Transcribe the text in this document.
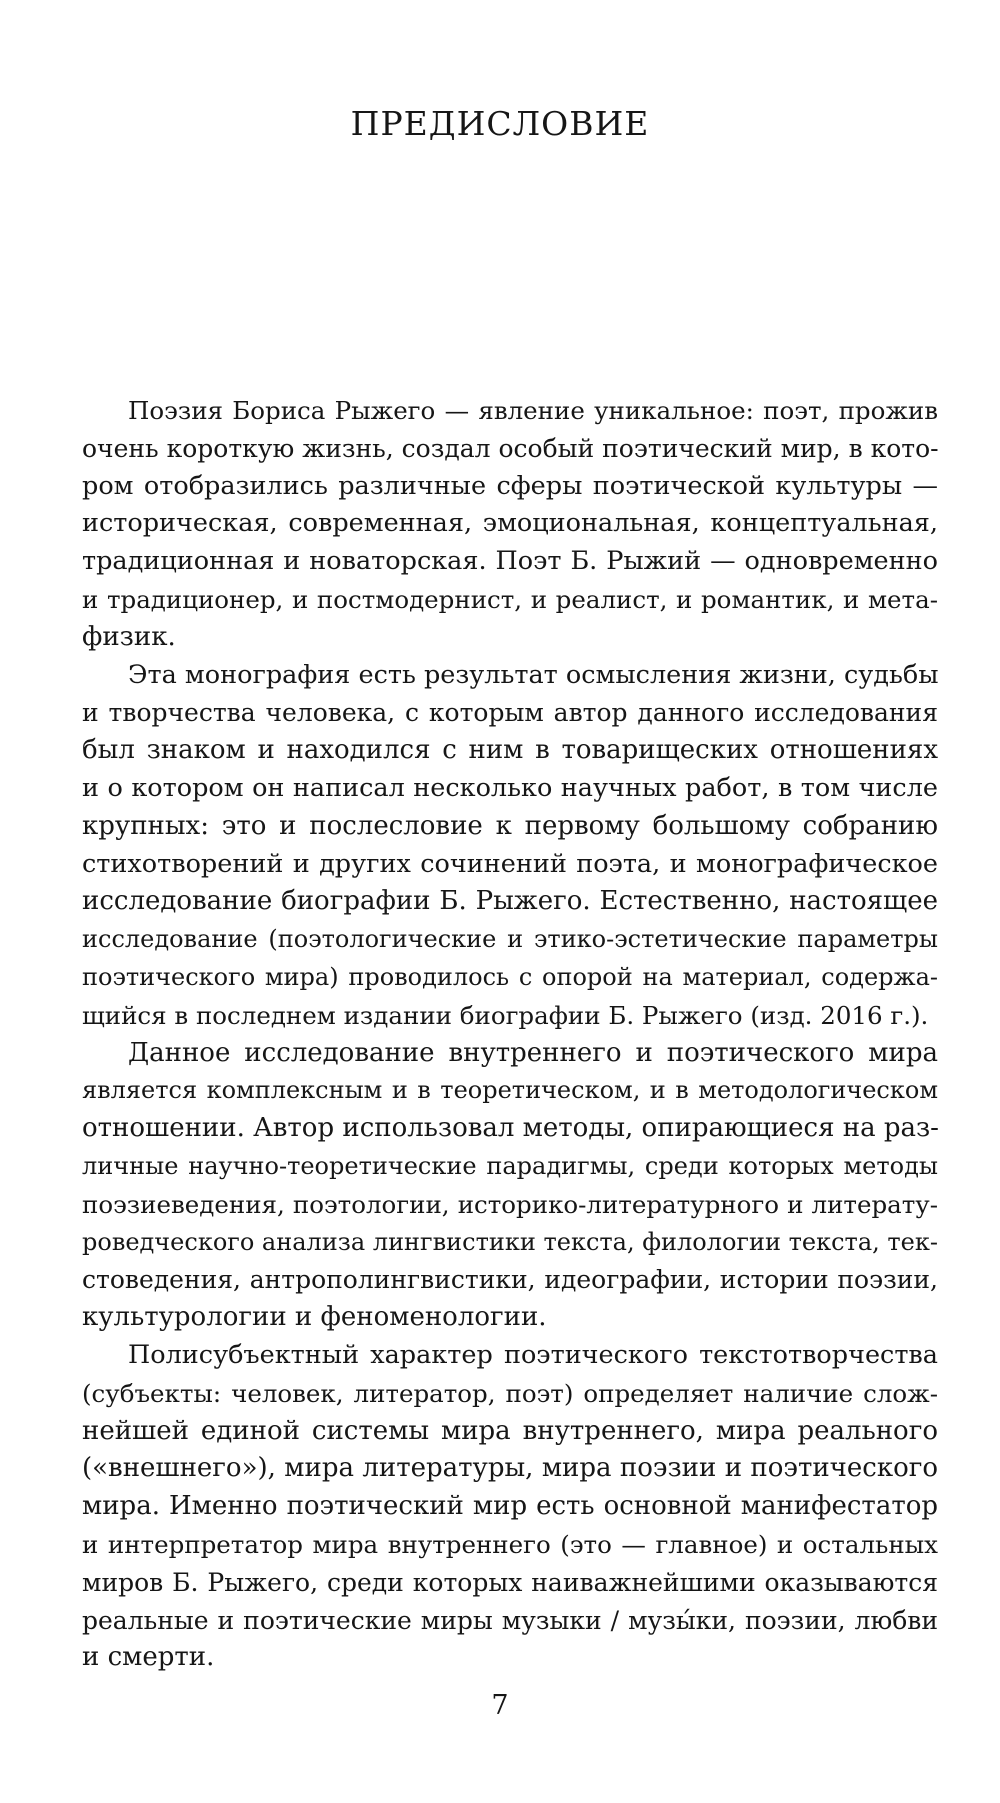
ПРЕДИСЛОВИЕ
Поэзия Бориса Рыжего — явление уникальное: поэт, прожив
очень короткую жизнь, создал особый поэтический мир, в кото-
ром отобразились различные сферы поэтической культуры —
историческая, современная, эмоциональная, концептуальная,
традиционная и новаторская. Поэт Б. Рыжий — одновременно
и традиционер, и постмодернист, и реалист, и романтик, и мета-
физик.
Эта монография есть результат осмысления жизни, судьбы
и творчества человека, с которым автор данного исследования
был знаком и находился с ним в товарищеских отношениях
и о котором он написал несколько научных работ, в том числе
крупных: это и послесловие к первому большому собранию
стихотворений и других сочинений поэта, и монографическое
исследование биографии Б. Рыжего. Естественно, настоящее
исследование (поэтологические и этико-эстетические параметры
поэтического мира) проводилось с опорой на материал, содержа-
щийся в последнем издании биографии Б. Рыжего (изд. 2016 г.).
Данное исследование внутреннего и поэтического мира
является комплексным и в теоретическом, и в методологическом
отношении. Автор использовал методы, опирающиеся на раз-
личные научно-теоретические парадигмы, среди которых методы
поэзиеведения, поэтологии, историко-литературного и литерату-
роведческого анализа лингвистики текста, филологии текста, тек-
стоведения, антрополингвистики, идеографии, истории поэзии,
культурологии и феноменологии.
Полисубъектный характер поэтического текстотворчества
(субъекты: человек, литератор, поэт) определяет наличие слож-
нейшей единой системы мира внутреннего, мира реального
(«внешнего»), мира литературы, мира поэзии и поэтического
мира. Именно поэтический мир есть основной манифестатор
и интерпретатор мира внутреннего (это — главное) и остальных
миров Б. Рыжего, среди которых наиважнейшими оказываются
реальные и поэтические миры музыки / музы́ки, поэзии, любви
и смерти.
7
